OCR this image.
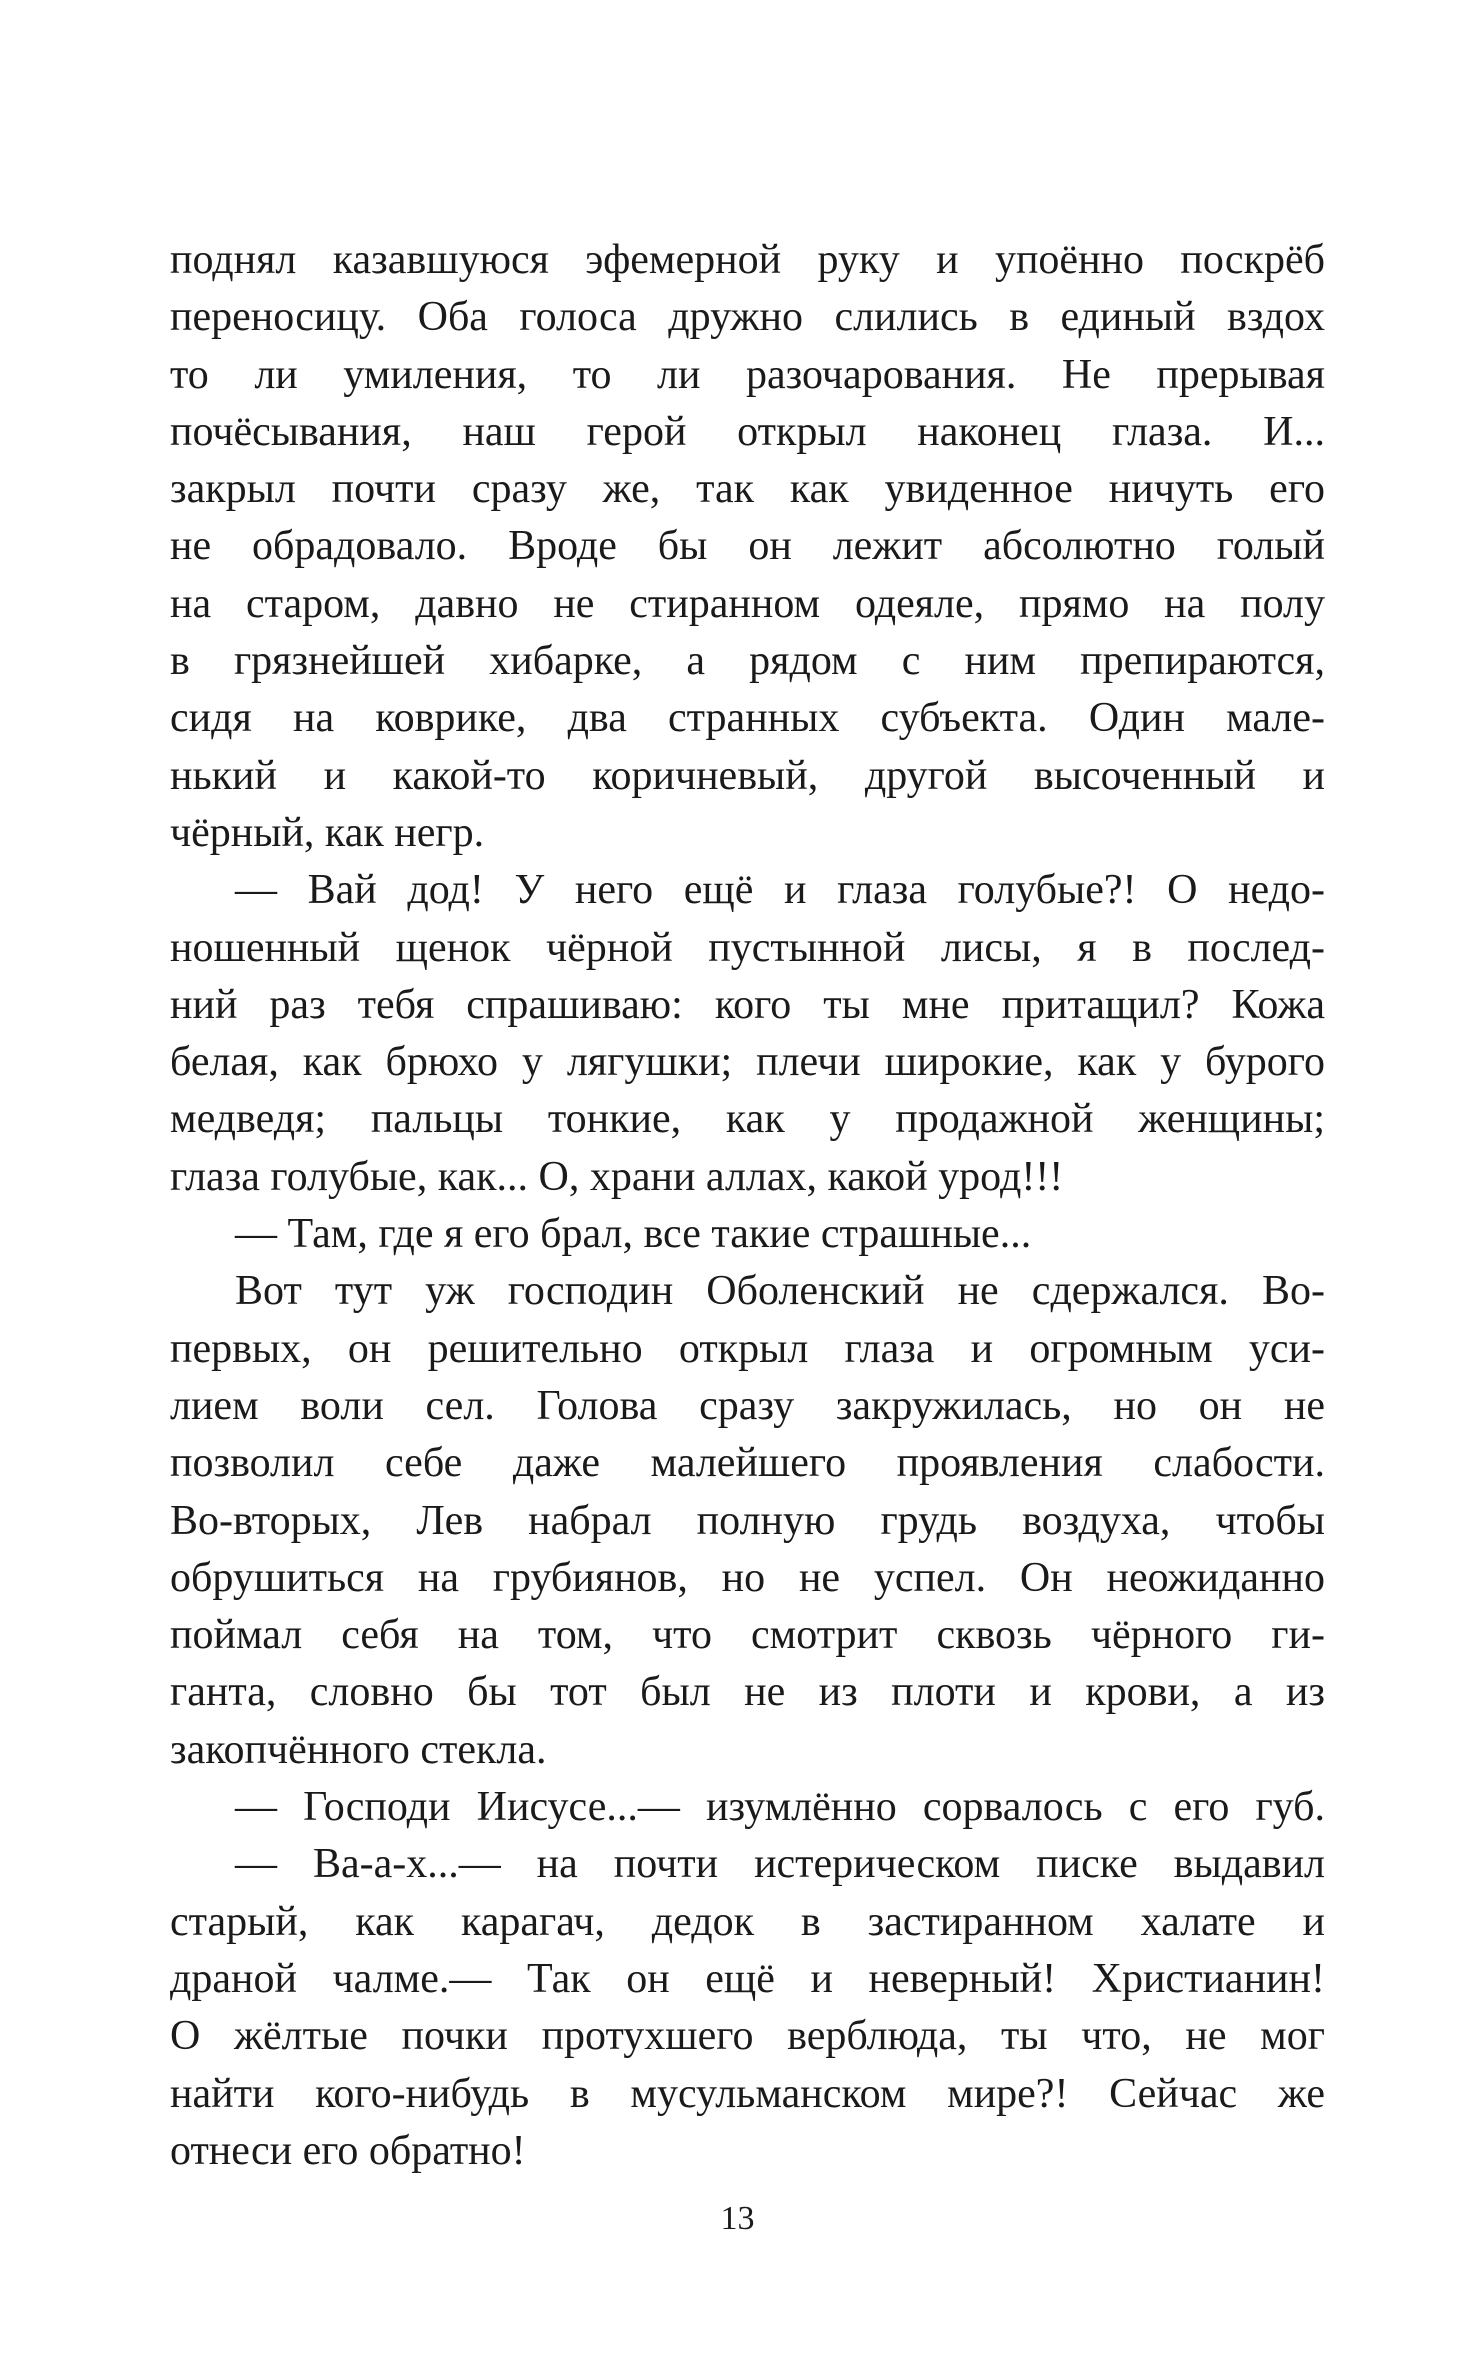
поднял казавшуюся эфемерной руку и упоённо поскрёб
переносицу. Оба голоса дружно слились в единый вздох
то ли умиления, то ли разочарования. Не прерывая
почёсывания, наш герой открыл наконец глаза. И...
закрыл почти сразу же, так как увиденное ничуть его
не обрадовало. Вроде бы он лежит абсолютно голый
на старом, давно не стиранном одеяле, прямо на полу
в грязнейшей хибарке, а рядом с ним препираются,
сидя на коврике, два странных субъекта. Один мале-
нький и какой-то коричневый, другой высоченный и
чёрный, как негр.
— Вай дод! У него ещё и глаза голубые?! О недо-
ношенный щенок чёрной пустынной лисы, я в послед-
ний раз тебя спрашиваю: кого ты мне притащил? Кожа
белая, как брюхо у лягушки; плечи широкие, как у бурого
медведя; пальцы тонкие, как у продажной женщины;
глаза голубые, как... О, храни аллах, какой урод!!!
— Там, где я его брал, все такие страшные...
Вот тут уж господин Оболенский не сдержался. Во-
первых, он решительно открыл глаза и огромным уси-
лием воли сел. Голова сразу закружилась, но он не
позволил себе даже малейшего проявления слабости.
Во-вторых, Лев набрал полную грудь воздуха, чтобы
обрушиться на грубиянов, но не успел. Он неожиданно
поймал себя на том, что смотрит сквозь чёрного ги-
ганта, словно бы тот был не из плоти и крови, а из
закопчённого стекла.
— Господи Иисусе...— изумлённо сорвалось с его губ.
— Ва-а-х...— на почти истерическом писке выдавил
старый, как карагач, дедок в застиранном халате и
драной чалме.— Так он ещё и неверный! Христианин!
О жёлтые почки протухшего верблюда, ты что, не мог
найти кого-нибудь в мусульманском мире?! Сейчас же
отнеси его обратно!
13
